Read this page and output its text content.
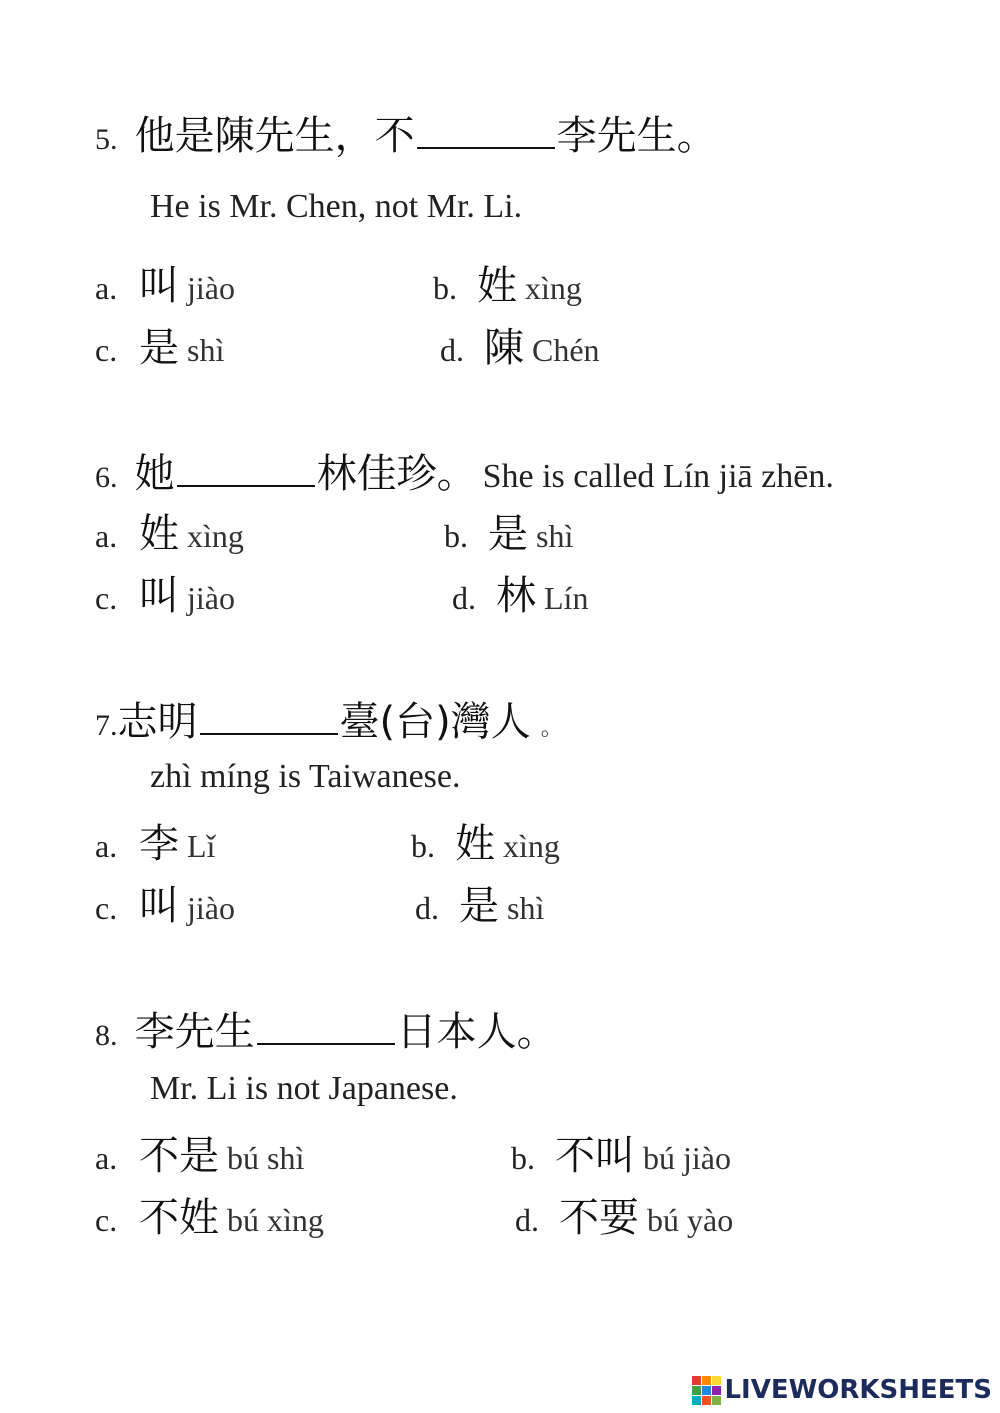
5. 他是陳先生，不	李先生。
He is Mr. Chen, not Mr. Li.
a. 叫 jiào	b. 姓 xìng
c. 是 shì	d. 陳 Chén
6. 她	林佳珍。 She is called Lín jiā zhēn.
a. 姓 xìng	b. 是 shì
c. 叫 jiào	d. 林 Lín
7.志明	臺(台)灣人 。
zhì míng is Taiwanese.
a. 李 Lǐ	b. 姓 xìng
c. 叫 jiào	d. 是 shì
8. 李先生	日本人。
Mr. Li is not Japanese.
a. 不是 bú shì	b. 不叫 bú jiào
c. 不姓 bú xìng	d. 不要 bú yào
LIVEWORKSHEETS
